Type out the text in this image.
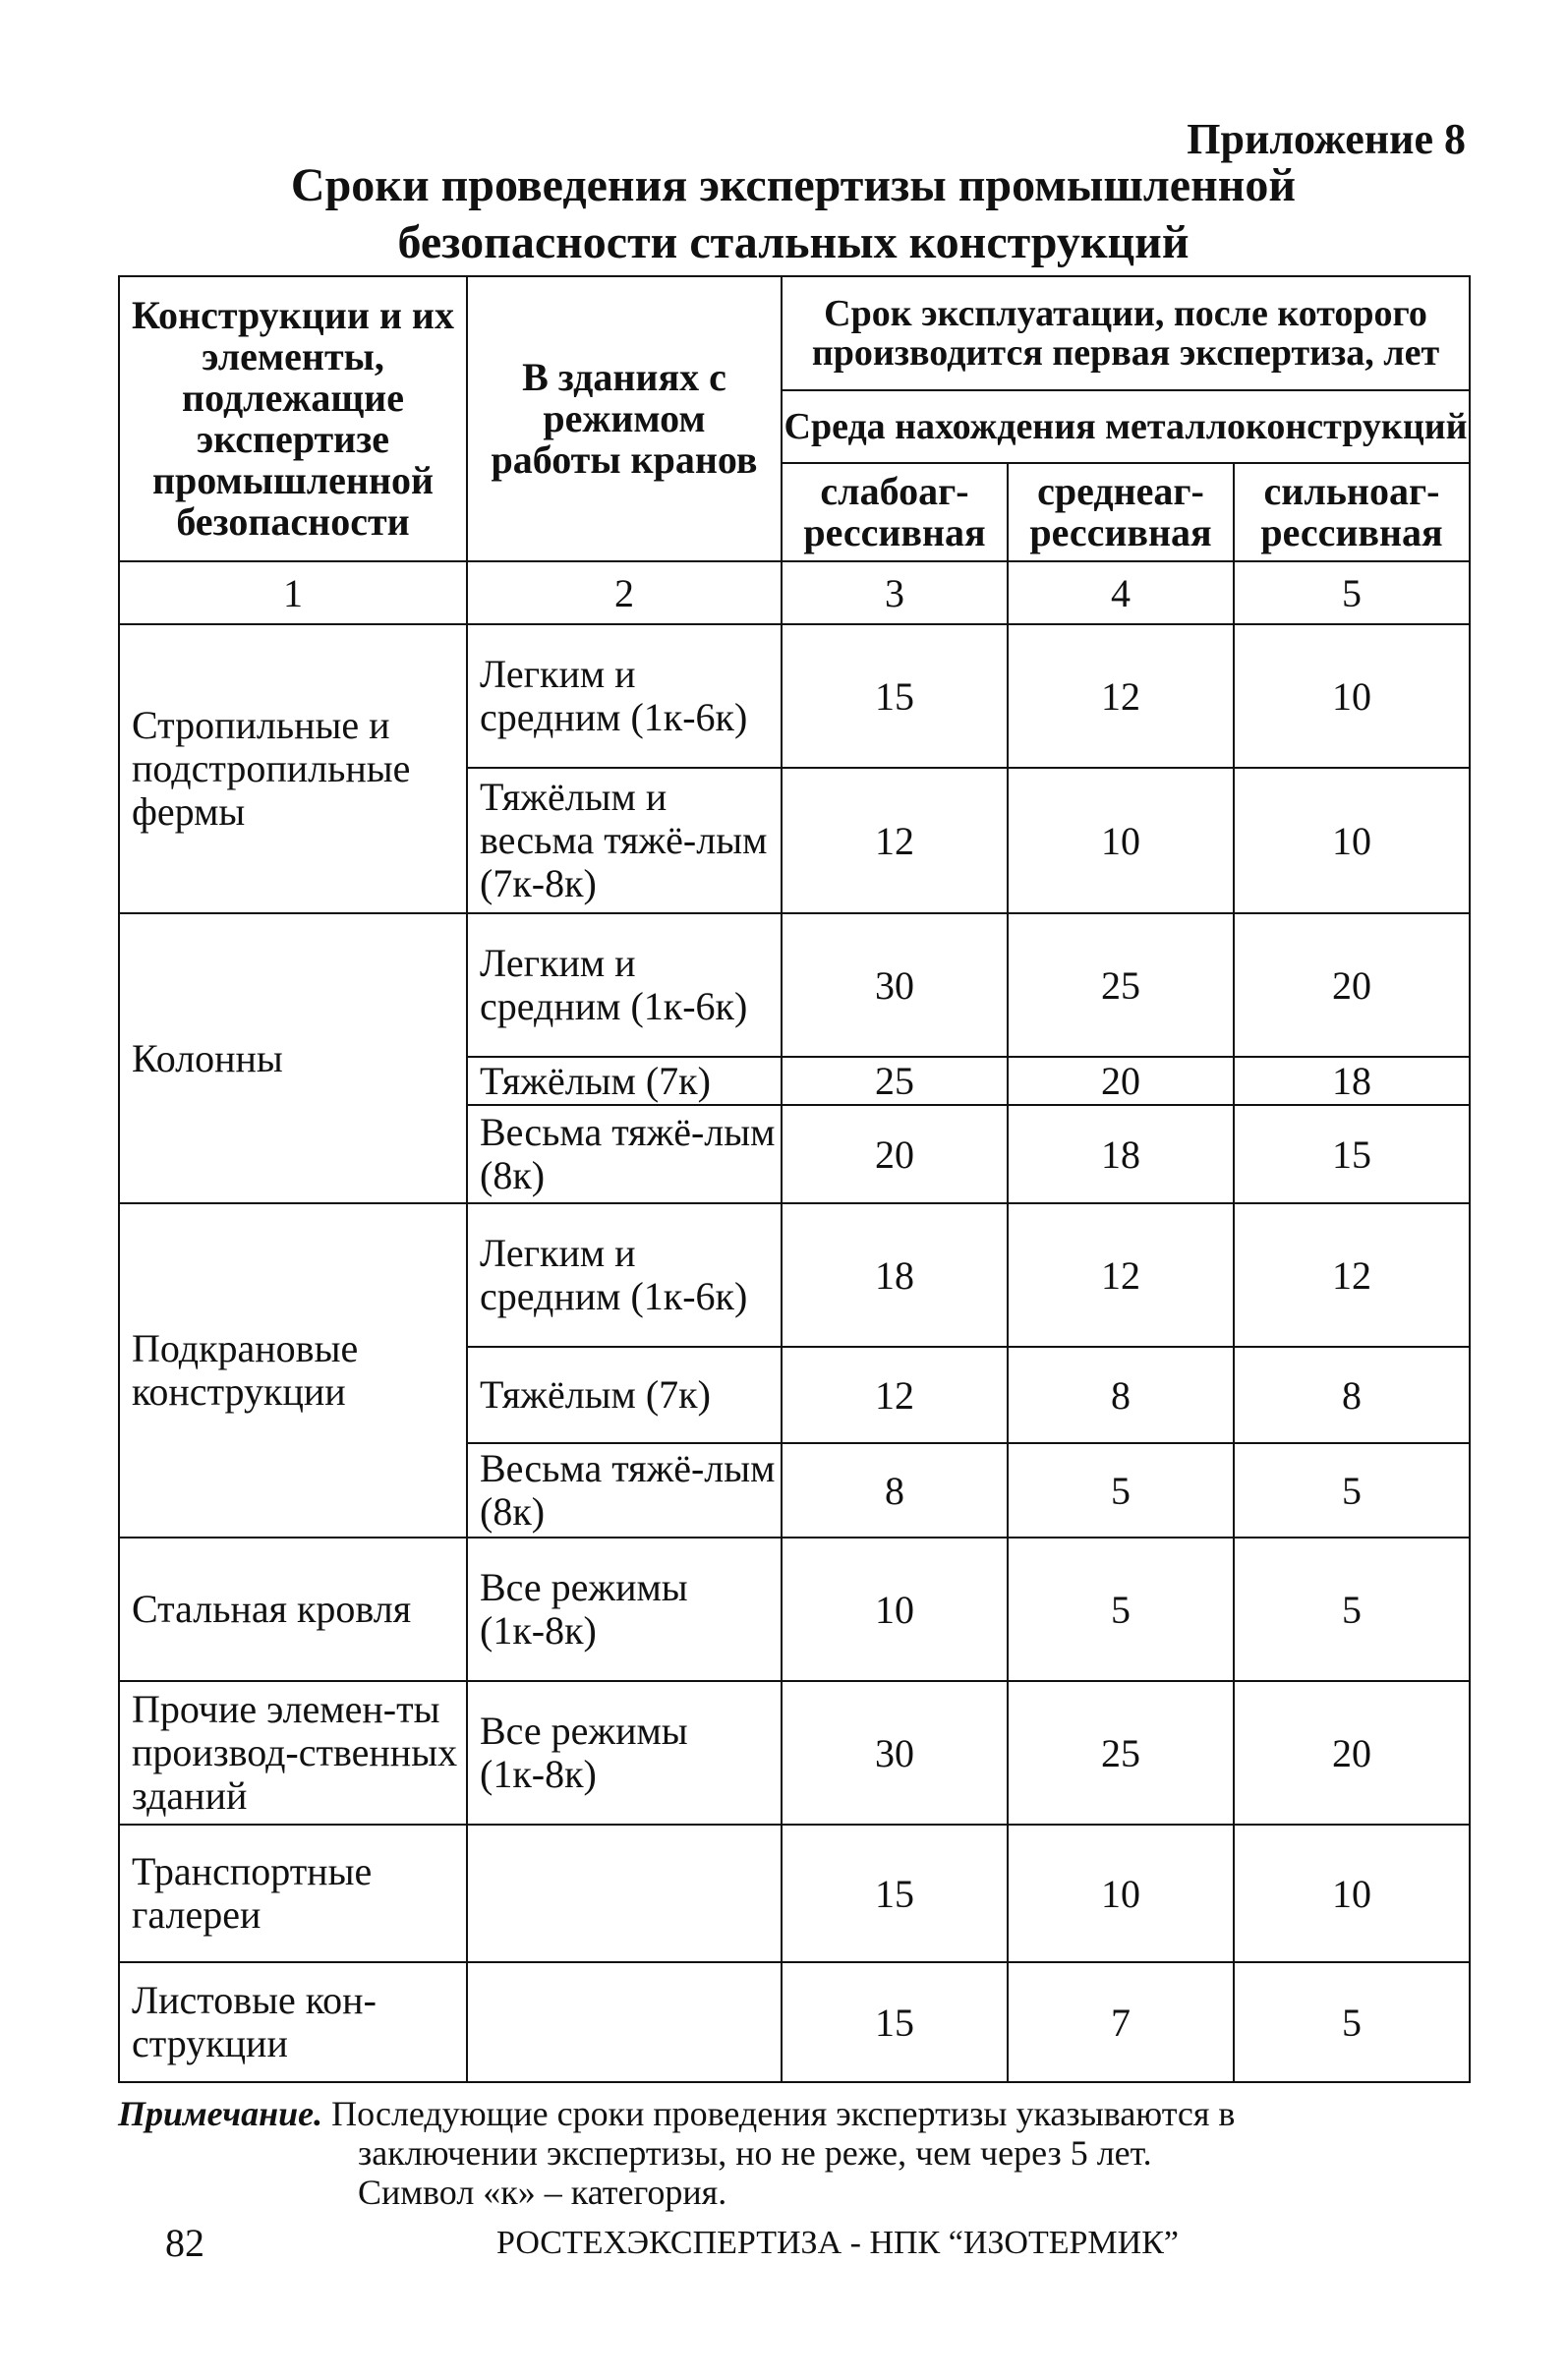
Приложение 8
Сроки проведения экспертизы промышленной
безопасности стальных конструкций
Конструкции и их элементы, подлежащие экспертизе промышленной безопасности	В зданиях с режимом работы кранов	Срок эксплуатации, после которого производится первая экспертиза, лет		
		Среда нахождения металлоконструкций		
		слабоаг-рессивная	среднеаг-рессивная	сильноаг-рессивная
1	2	3	4	5
Стропильные и подстропильные фермы	Легким и средним (1к-6к)	15	12	10
	Тяжёлым и весьма тяжё-лым (7к-8к)	12	10	10
Колонны	Легким и средним (1к-6к)	30	25	20
	Тяжёлым (7к)	25	20	18
	Весьма тяжё-лым (8к)	20	18	15
Подкрановые конструкции	Легким и средним (1к-6к)	18	12	12
	Тяжёлым (7к)	12	8	8
	Весьма тяжё-лым (8к)	8	5	5
Стальная кровля	Все режимы (1к-8к)	10	5	5
Прочие элемен-ты производ-ственных зданий	Все режимы (1к-8к)	30	25	20
Транспортные галереи		15	10	10
Листовые кон-струкции		15	7	5
Примечание. Последующие сроки проведения экспертизы указываются в
заключении экспертизы, но не реже, чем через 5 лет.
Символ «к» – категория.
82	РОСТЕХЭКСПЕРТИЗА - НПК “ИЗОТЕРМИК”
